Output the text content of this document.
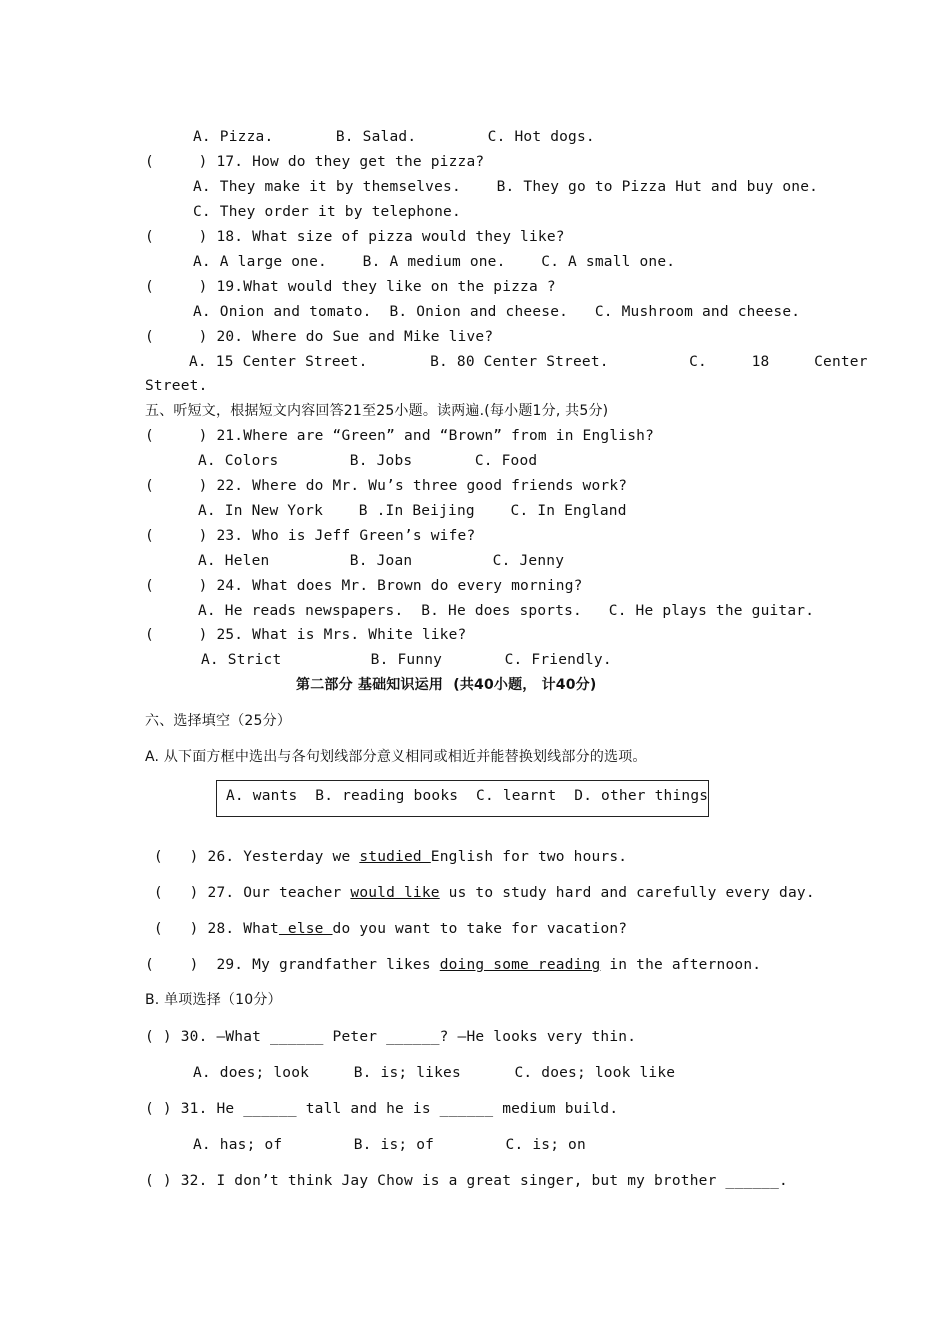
A. Pizza.       B. Salad.        C. Hot dogs.
(     ) 17. How do they get the pizza?
A. They make it by themselves.    B. They go to Pizza Hut and buy one.
C. They order it by telephone.
(     ) 18. What size of pizza would they like?
A. A large one.    B. A medium one.    C. A small one.
(     ) 19.What would they like on the pizza ?
A. Onion and tomato.  B. Onion and cheese.   C. Mushroom and cheese.
(     ) 20. Where do Sue and Mike live?
A. 15 Center Street.       B. 80 Center Street.         C.     18     Center
Street.
五、听短文，根据短文内容回答21至25小题。读两遍.(每小题1分, 共5分)
(     ) 21.Where are “Green” and “Brown” from in English?
A. Colors        B. Jobs       C. Food
(     ) 22. Where do Mr. Wu’s three good friends work?
A. In New York    B .In Beijing    C. In England
(     ) 23. Who is Jeff Green’s wife?
A. Helen         B. Joan         C. Jenny
(     ) 24. What does Mr. Brown do every morning?
A. He reads newspapers.  B. He does sports.   C. He plays the guitar.
(     ) 25. What is Mrs. White like?
A. Strict          B. Funny       C. Friendly.
第二部分 基础知识运用  (共40小题， 计40分)
六、选择填空（25分）
A. 从下面方框中选出与各句划线部分意义相同或相近并能替换划线部分的选项。
A. wants  B. reading books  C. learnt  D. other things
(   ) 26. Yesterday we studied English for two hours.
(   ) 27. Our teacher would like us to study hard and carefully every day.
(   ) 28. What else do you want to take for vacation?
(    )  29. My grandfather likes doing some reading in the afternoon.
B. 单项选择（10分）
( ) 30. —What ______ Peter ______? —He looks very thin.
A. does; look     B. is; likes      C. does; look like
( ) 31. He ______ tall and he is ______ medium build.
A. has; of        B. is; of        C. is; on
( ) 32. I don’t think Jay Chow is a great singer, but my brother ______.
